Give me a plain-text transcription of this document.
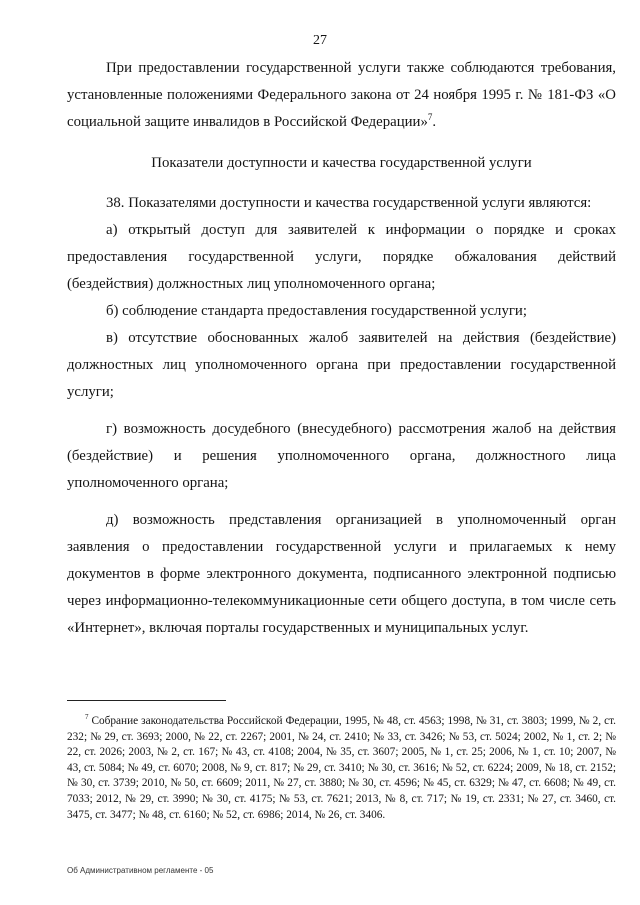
27

При предоставлении государственной услуги также соблюдаются требования, установленные положениями Федерального закона от 24 ноября 1995 г. № 181-ФЗ «О социальной защите инвалидов в Российской Федерации»$^7$.

Показатели доступности и качества государственной услуги

38. Показателями доступности и качества государственной услуги являются:

а) открытый доступ для заявителей к информации о порядке и сроках предоставления государственной услуги, порядке обжалования действий (бездействия) должностных лиц уполномоченного органа;

б) соблюдение стандарта предоставления государственной услуги;

в) отсутствие обоснованных жалоб заявителей на действия (бездействие) должностных лиц уполномоченного органа при предоставлении государственной услуги;

г) возможность досудебного (внесудебного) рассмотрения жалоб на действия (бездействие) и решения уполномоченного органа, должностного лица уполномоченного органа;

д) возможность представления организацией в уполномоченный орган заявления о предоставлении государственной услуги и прилагаемых к нему документов в форме электронного документа, подписанного электронной подписью через информационно-телекоммуникационные сети общего доступа, в том числе сеть «Интернет», включая порталы государственных и муниципальных услуг.

$^7$ Собрание законодательства Российской Федерации, 1995, № 48, ст. 4563; 1998, № 31, ст. 3803; 1999, № 2, ст. 232; № 29, ст. 3693; 2000, № 22, ст. 2267; 2001, № 24, ст. 2410; № 33, ст. 3426; № 53, ст. 5024; 2002, № 1, ст. 2; № 22, ст. 2026; 2003, № 2, ст. 167; № 43, ст. 4108; 2004, № 35, ст. 3607; 2005, № 1, ст. 25; 2006, № 1, ст. 10; 2007, № 43, ст. 5084; № 49, ст. 6070; 2008, № 9, ст. 817; № 29, ст. 3410; № 30, ст. 3616; № 52, ст. 6224; 2009, № 18, ст. 2152; № 30, ст. 3739; 2010, № 50, ст. 6609; 2011, № 27, ст. 3880; № 30, ст. 4596; № 45, ст. 6329; № 47, ст. 6608; № 49, ст. 7033; 2012, № 29, ст. 3990; № 30, ст. 4175; № 53, ст. 7621; 2013, № 8, ст. 717; № 19, ст. 2331; № 27, ст. 3460, ст. 3475, ст. 3477; № 48, ст. 6160; № 52, ст. 6986; 2014, № 26, ст. 3406.
Об Административном регламенте - 05
